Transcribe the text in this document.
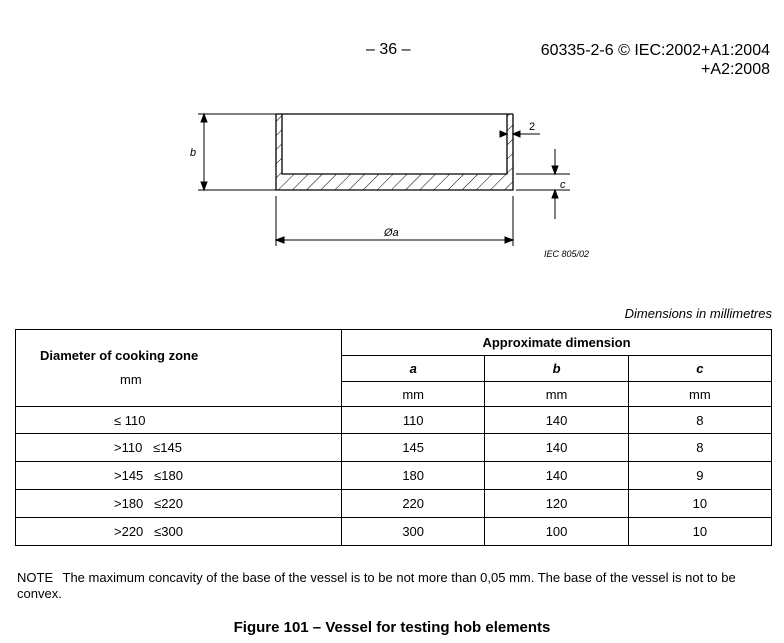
– 36 –	60335-2-6 © IEC:2002+A1:2004
+A2:2008
b
2
c
Øa
IEC 805/02
Dimensions in millimetres
Diameter of cooking zone
mm	Approximate dimension		
	a	b	c
	mm	mm	mm
≤ 110	110	140	8
>110   ≤145	145	140	8
>145   ≤180	180	140	9
>180   ≤220	220	120	10
>220   ≤300	300	100	10
NOTE The maximum concavity of the base of the vessel is to be not more than 0,05 mm. The base of the vessel is not to be convex.
Figure 101 – Vessel for testing hob elements
